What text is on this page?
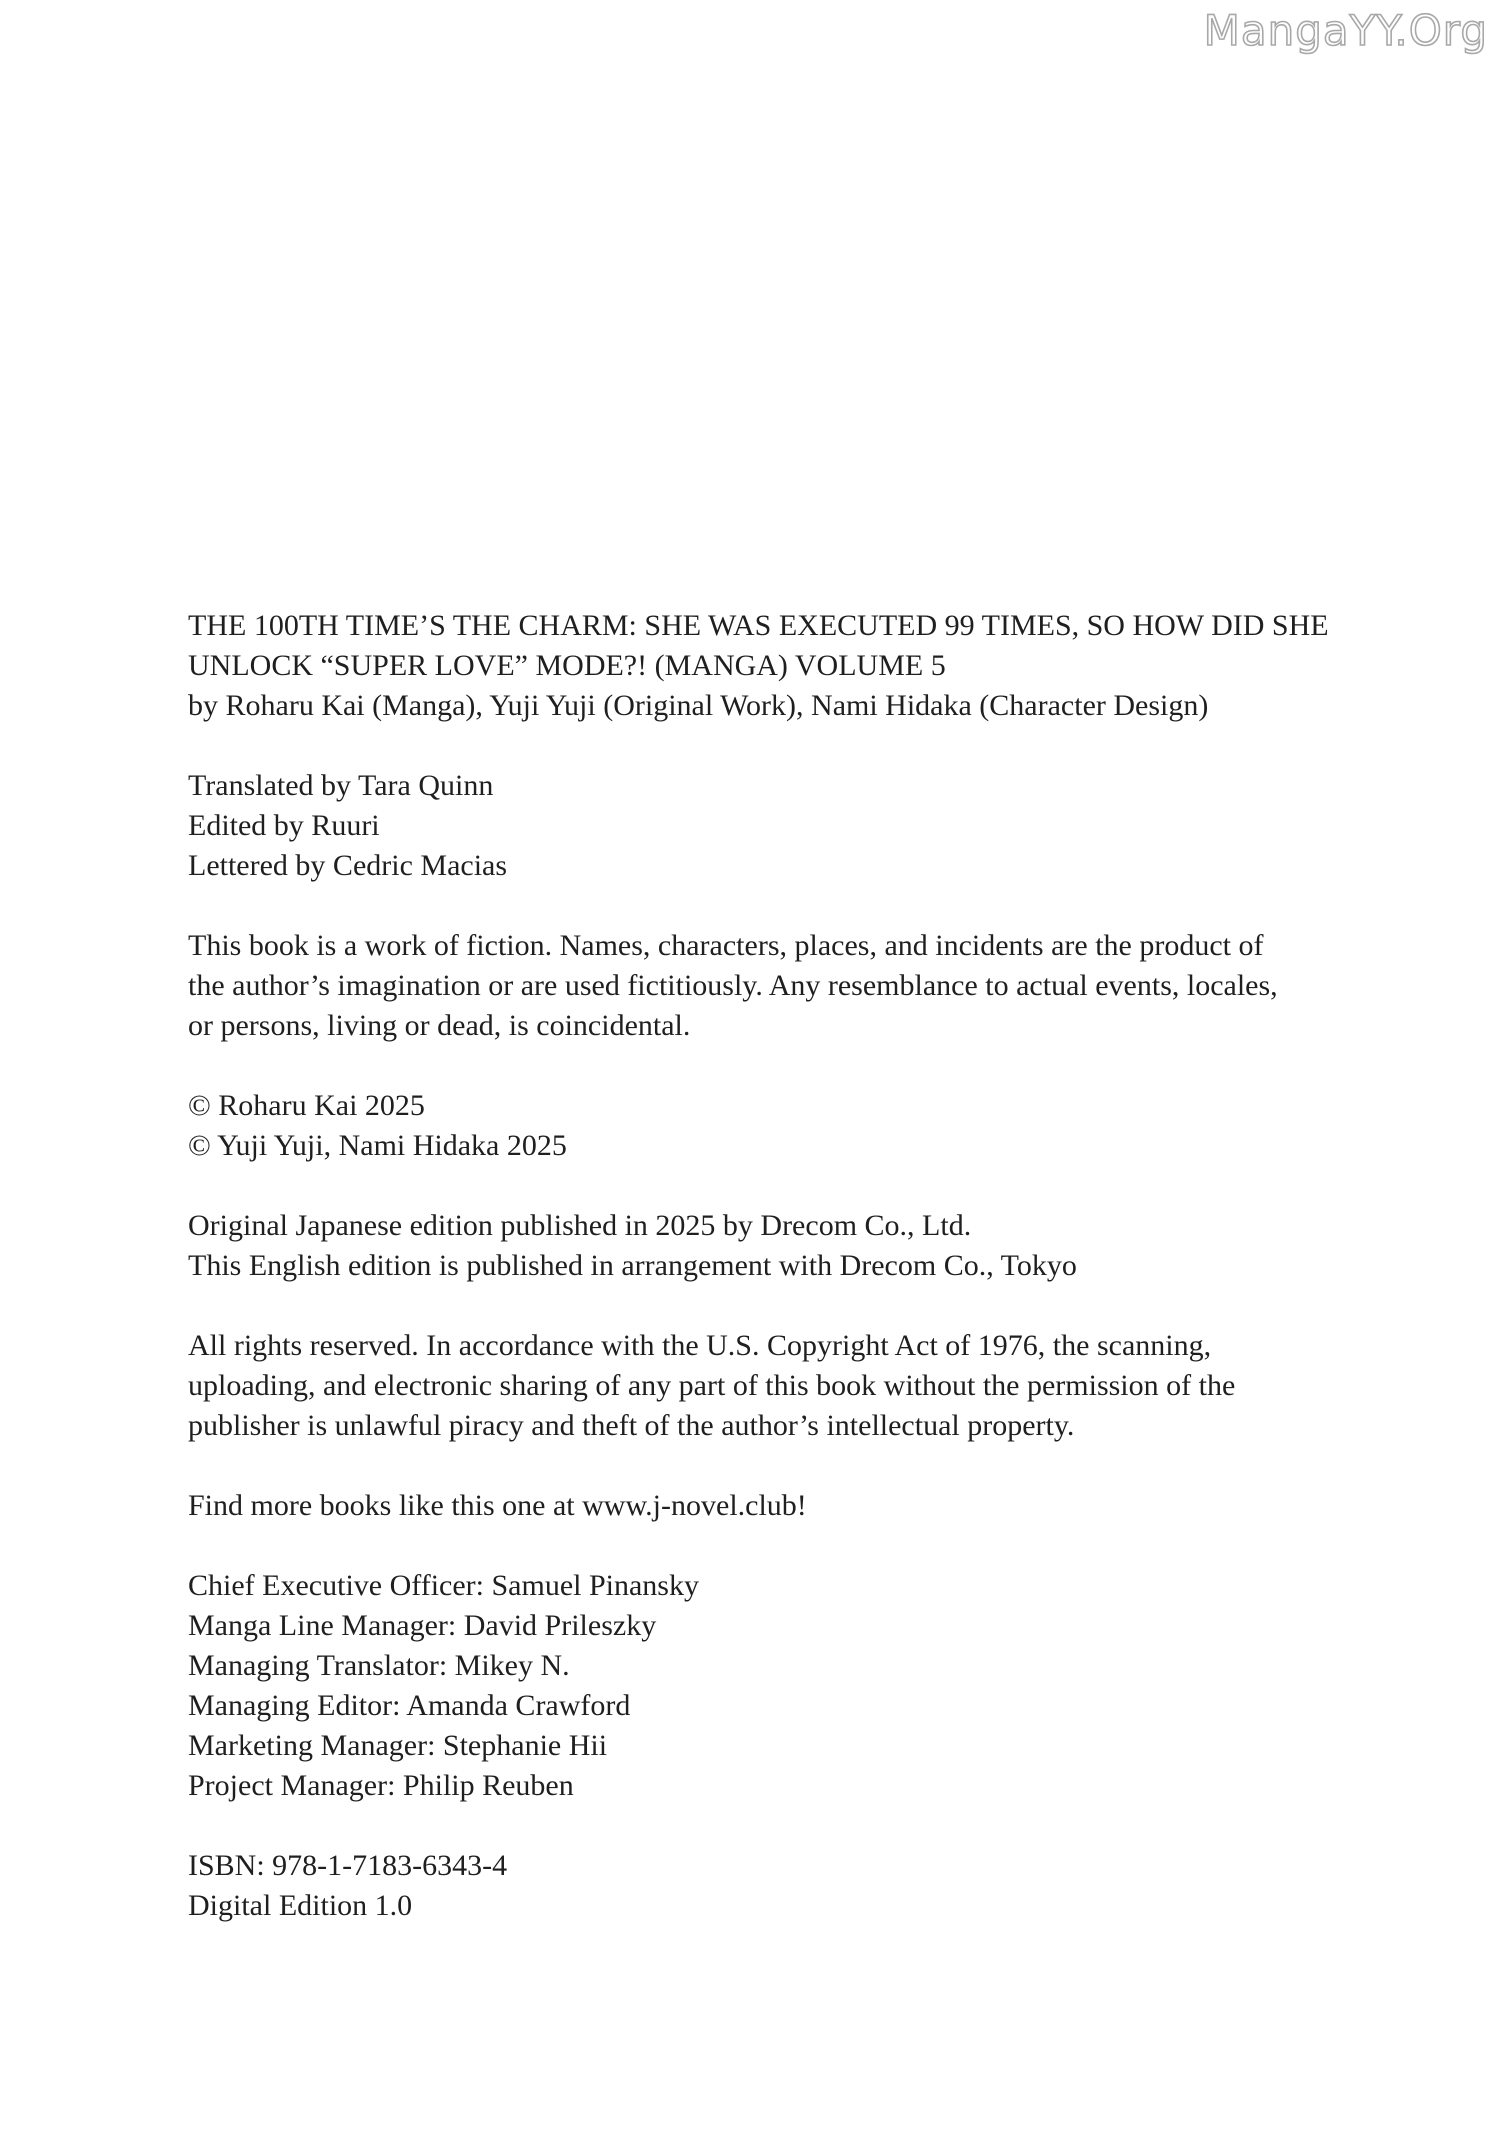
MangaYY.Org
THE 100TH TIME’S THE CHARM: SHE WAS EXECUTED 99 TIMES, SO HOW DID SHE UNLOCK “SUPER LOVE” MODE?! (MANGA) VOLUME 5
by Roharu Kai (Manga), Yuji Yuji (Original Work), Nami Hidaka (Character Design)
Translated by Tara Quinn
Edited by Ruuri
Lettered by Cedric Macias
This book is a work of fiction. Names, characters, places, and incidents are the product of
the author’s imagination or are used fictitiously. Any resemblance to actual events, locales,
or persons, living or dead, is coincidental.
© Roharu Kai 2025
© Yuji Yuji, Nami Hidaka 2025
Original Japanese edition published in 2025 by Drecom Co., Ltd.
This English edition is published in arrangement with Drecom Co., Tokyo
All rights reserved. In accordance with the U.S. Copyright Act of 1976, the scanning,
uploading, and electronic sharing of any part of this book without the permission of the
publisher is unlawful piracy and theft of the author’s intellectual property.
Find more books like this one at www.j-novel.club!
Chief Executive Officer: Samuel Pinansky
Manga Line Manager: David Prileszky
Managing Translator: Mikey N.
Managing Editor: Amanda Crawford
Marketing Manager: Stephanie Hii
Project Manager: Philip Reuben
ISBN: 978-1-7183-6343-4
Digital Edition 1.0
